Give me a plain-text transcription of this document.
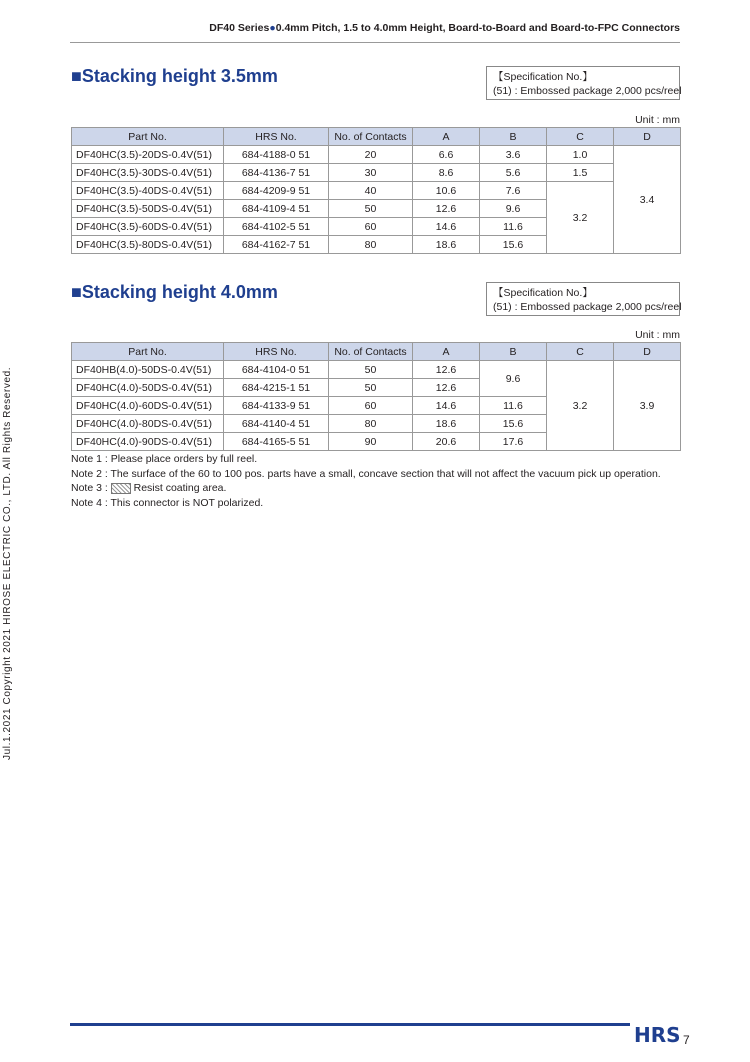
DF40 Series●0.4mm Pitch, 1.5 to 4.0mm Height, Board-to-Board and Board-to-FPC Connectors
Jul.1.2021 Copyright 2021 HIROSE ELECTRIC CO., LTD. All Rights Reserved.
■Stacking height 3.5mm	【Specification No.】
(51) : Embossed package 2,000 pcs/reel
Unit : mm
Part No.	HRS No.	No. of Contacts	A	B	C	D
DF40HC(3.5)-20DS-0.4V(51)	684-4188-0 51	20	6.6	3.6	1.0	3.4
DF40HC(3.5)-30DS-0.4V(51)	684-4136-7 51	30	8.6	5.6	1.5	
DF40HC(3.5)-40DS-0.4V(51)	684-4209-9 51	40	10.6	7.6	3.2	
DF40HC(3.5)-50DS-0.4V(51)	684-4109-4 51	50	12.6	9.6		
DF40HC(3.5)-60DS-0.4V(51)	684-4102-5 51	60	14.6	11.6		
DF40HC(3.5)-80DS-0.4V(51)	684-4162-7 51	80	18.6	15.6		
■Stacking height 4.0mm	【Specification No.】
(51) : Embossed package 2,000 pcs/reel
Unit : mm
Part No.	HRS No.	No. of Contacts	A	B	C	D
DF40HB(4.0)-50DS-0.4V(51)	684-4104-0 51	50	12.6	9.6	3.2	3.9
DF40HC(4.0)-50DS-0.4V(51)	684-4215-1 51	50	12.6			
DF40HC(4.0)-60DS-0.4V(51)	684-4133-9 51	60	14.6	11.6		
DF40HC(4.0)-80DS-0.4V(51)	684-4140-4 51	80	18.6	15.6		
DF40HC(4.0)-90DS-0.4V(51)	684-4165-5 51	90	20.6	17.6		
Note 1 : Please place orders by full reel.
Note 2 : The surface of the 60 to 100 pos. parts have a small, concave section that will not affect the vacuum pick up operation.
Note 3 :  Resist coating area.
Note 4 : This connector is NOT polarized.
HRS 7
